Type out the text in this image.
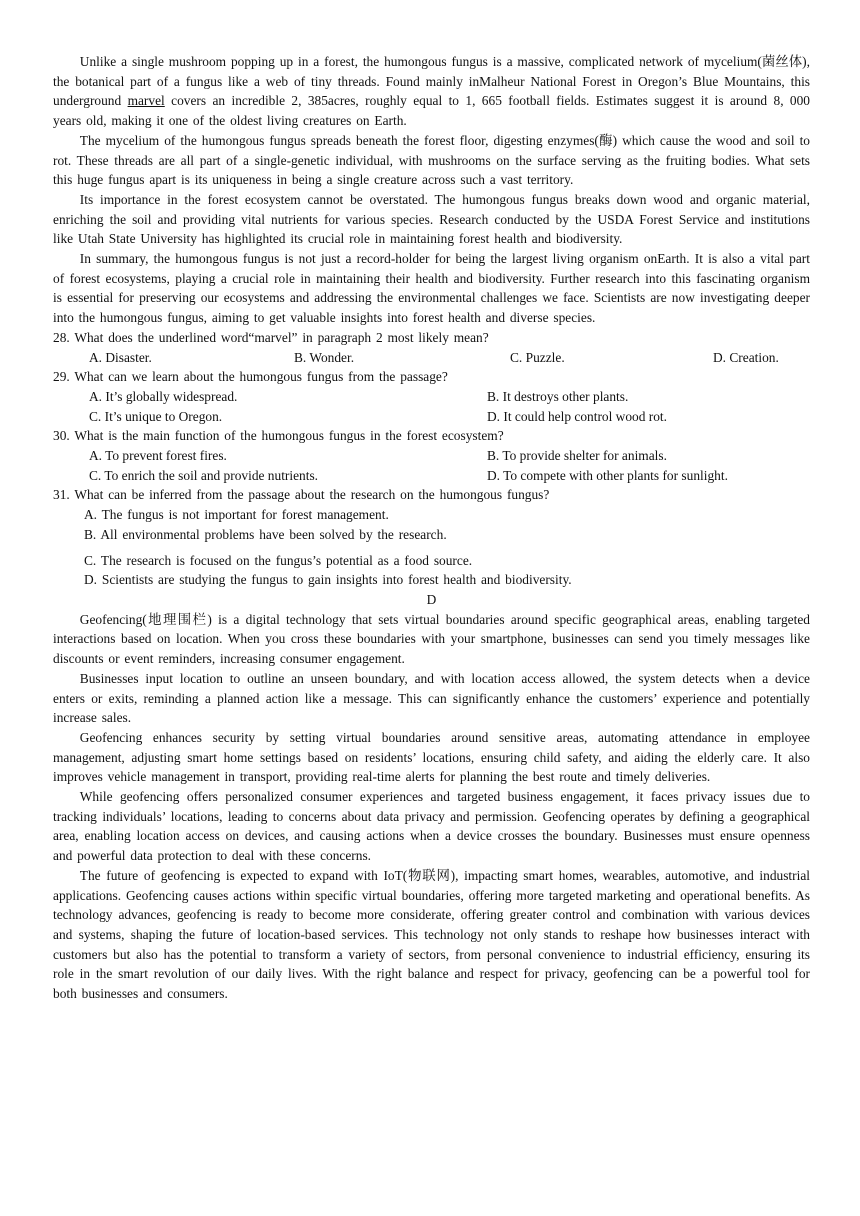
Unlike a single mushroom popping up in a forest, the humongous fungus is a massive, complicated network of mycelium(菌丝体), the botanical part of a fungus like a web of tiny threads. Found mainly inMalheur National Forest in Oregon’s Blue Mountains, this underground marvel covers an incredible 2, 385acres, roughly equal to 1, 665 football fields. Estimates suggest it is around 8, 000 years old, making it one of the oldest living creatures on Earth.

The mycelium of the humongous fungus spreads beneath the forest floor, digesting enzymes(酶) which cause the wood and soil to rot. These threads are all part of a single-genetic individual, with mushrooms on the surface serving as the fruiting bodies. What sets this huge fungus apart is its uniqueness in being a single creature across such a vast territory.

Its importance in the forest ecosystem cannot be overstated. The humongous fungus breaks down wood and organic material, enriching the soil and providing vital nutrients for various species. Research conducted by the USDA Forest Service and institutions like Utah State University has highlighted its crucial role in maintaining forest health and biodiversity.

In summary, the humongous fungus is not just a record-holder for being the largest living organism onEarth. It is also a vital part of forest ecosystems, playing a crucial role in maintaining their health and biodiversity. Further research into this fascinating organism is essential for preserving our ecosystems and addressing the environmental challenges we face. Scientists are now investigating deeper into the humongous fungus, aiming to get valuable insights into forest health and diverse species.

28. What does the underlined word“marvel” in paragraph 2 most likely mean?

A. Disaster.	B. Wonder.	C. Puzzle.	D. Creation.

29. What can we learn about the humongous fungus from the passage?

A. It’s globally widespread.	B. It destroys other plants.
C. It’s unique to Oregon.	D. It could help control wood rot.

30. What is the main function of the humongous fungus in the forest ecosystem?

A. To prevent forest fires.	B. To provide shelter for animals.
C. To enrich the soil and provide nutrients.	D. To compete with other plants for sunlight.

31. What can be inferred from the passage about the research on the humongous fungus?

A. The fungus is not important for forest management.

B. All environmental problems have been solved by the research.

C. The research is focused on the fungus’s potential as a food source.

D. Scientists are studying the fungus to gain insights into forest health and biodiversity.

D

Geofencing(地理围栏) is a digital technology that sets virtual boundaries around specific geographical areas, enabling targeted interactions based on location. When you cross these boundaries with your smartphone, businesses can send you timely messages like discounts or event reminders, increasing consumer engagement.

Businesses input location to outline an unseen boundary, and with location access allowed, the system detects when a device enters or exits, reminding a planned action like a message. This can significantly enhance the customers’ experience and potentially increase sales.

Geofencing enhances security by setting virtual boundaries around sensitive areas, automating attendance in employee management, adjusting smart home settings based on residents’ locations, ensuring child safety, and aiding the elderly care. It also improves vehicle management in transport, providing real-time alerts for planning the best route and timely deliveries.

While geofencing offers personalized consumer experiences and targeted business engagement, it faces privacy issues due to tracking individuals’ locations, leading to concerns about data privacy and permission. Geofencing operates by defining a geographical area, enabling location access on devices, and causing actions when a device crosses the boundary. Businesses must ensure openness and powerful data protection to deal with these concerns.

The future of geofencing is expected to expand with IoT(物联网), impacting smart homes, wearables, automotive, and industrial applications. Geofencing causes actions within specific virtual boundaries, offering more targeted marketing and operational benefits. As technology advances, geofencing is ready to become more considerate, offering greater control and combination with various devices and systems, shaping the future of location-based services. This technology not only stands to reshape how businesses interact with customers but also has the potential to transform a variety of sectors, from personal convenience to industrial efficiency, ensuring its role in the smart revolution of our daily lives. With the right balance and respect for privacy, geofencing can be a powerful tool for both businesses and consumers.
